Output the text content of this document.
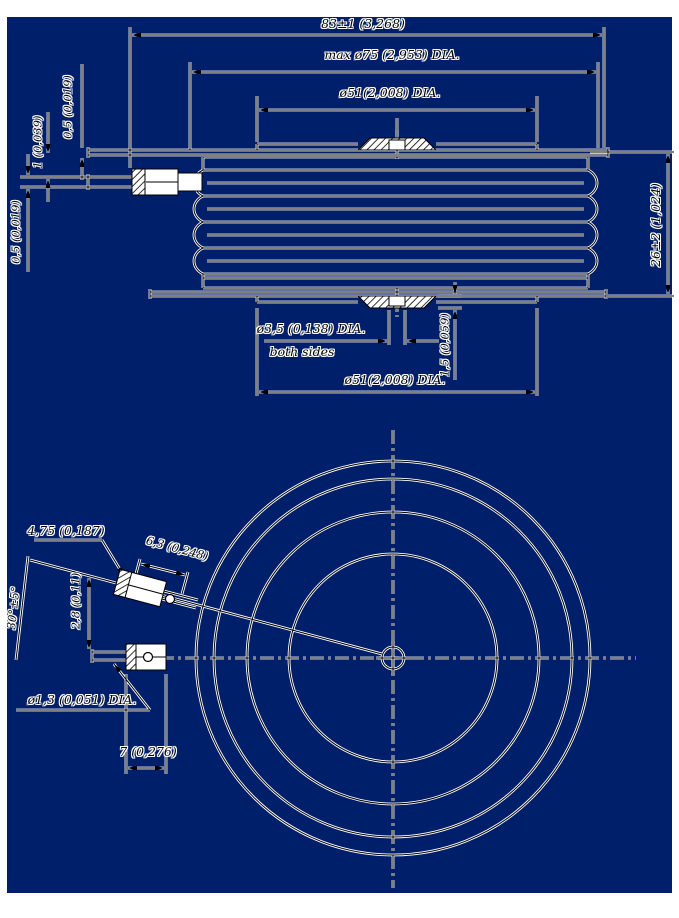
83±1 (3,268)
max ø75 (2,953) DIA.
ø51(2,008) DIA.
0,5 (0,019)
1 (0,039)
0,5 (0,019)	26±2 (1,024)
ø3,5 (0,138) DIA.
both sides	1,5 (0,059)
ø51(2,008) DIA.
4,75 (0,187)
6,3 (0,248)
2,8 (0,11)
30°±5°
ø1,3 (0,051) DIA.
7 (0,276)
